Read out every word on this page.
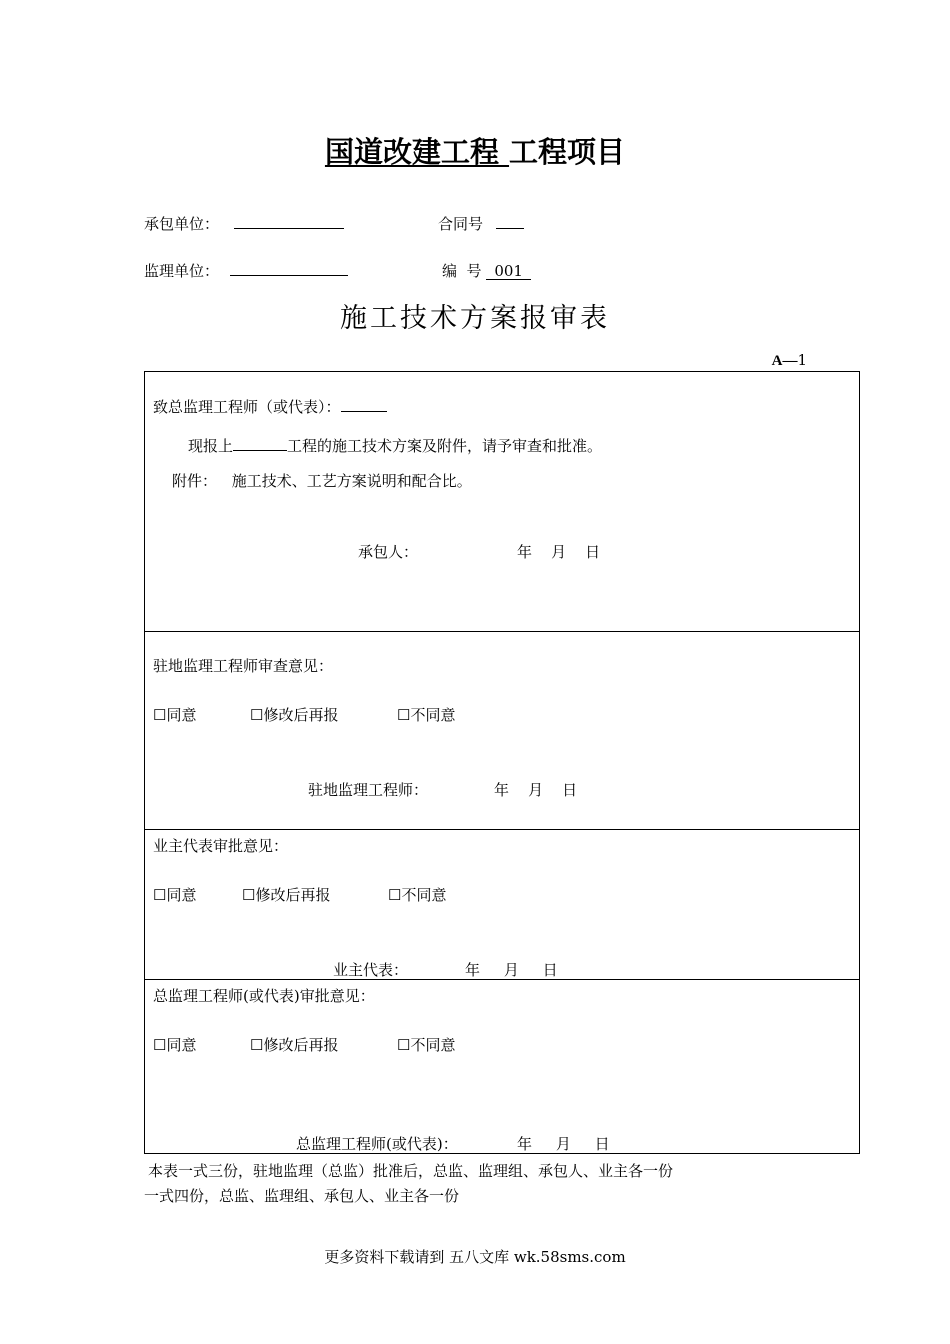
国道改建工程 工程项目
承包单位：	合同号
监理单位：	编  号 001
施工技术方案报审表
A—1
致总监理工程师（或代表）：
现报上	工程的施工技术方案及附件，请予审查和批准。
附件： 施工技术、工艺方案说明和配合比。
承包人：	年    月    日
驻地监理工程师审查意见：
☐同意	☐修改后再报	☐不同意
驻地监理工程师：	年    月    日
业主代表审批意见：
☐同意	☐修改后再报	☐不同意
业主代表：	年     月     日
总监理工程师(或代表)审批意见：
☐同意	☐修改后再报	☐不同意
总监理工程师(或代表)：	年     月     日
本表一式三份，驻地监理（总监）批准后，总监、监理组、承包人、业主各一份
一式四份，总监、监理组、承包人、业主各一份
更多资料下载请到 五八文库 wk.58sms.com
